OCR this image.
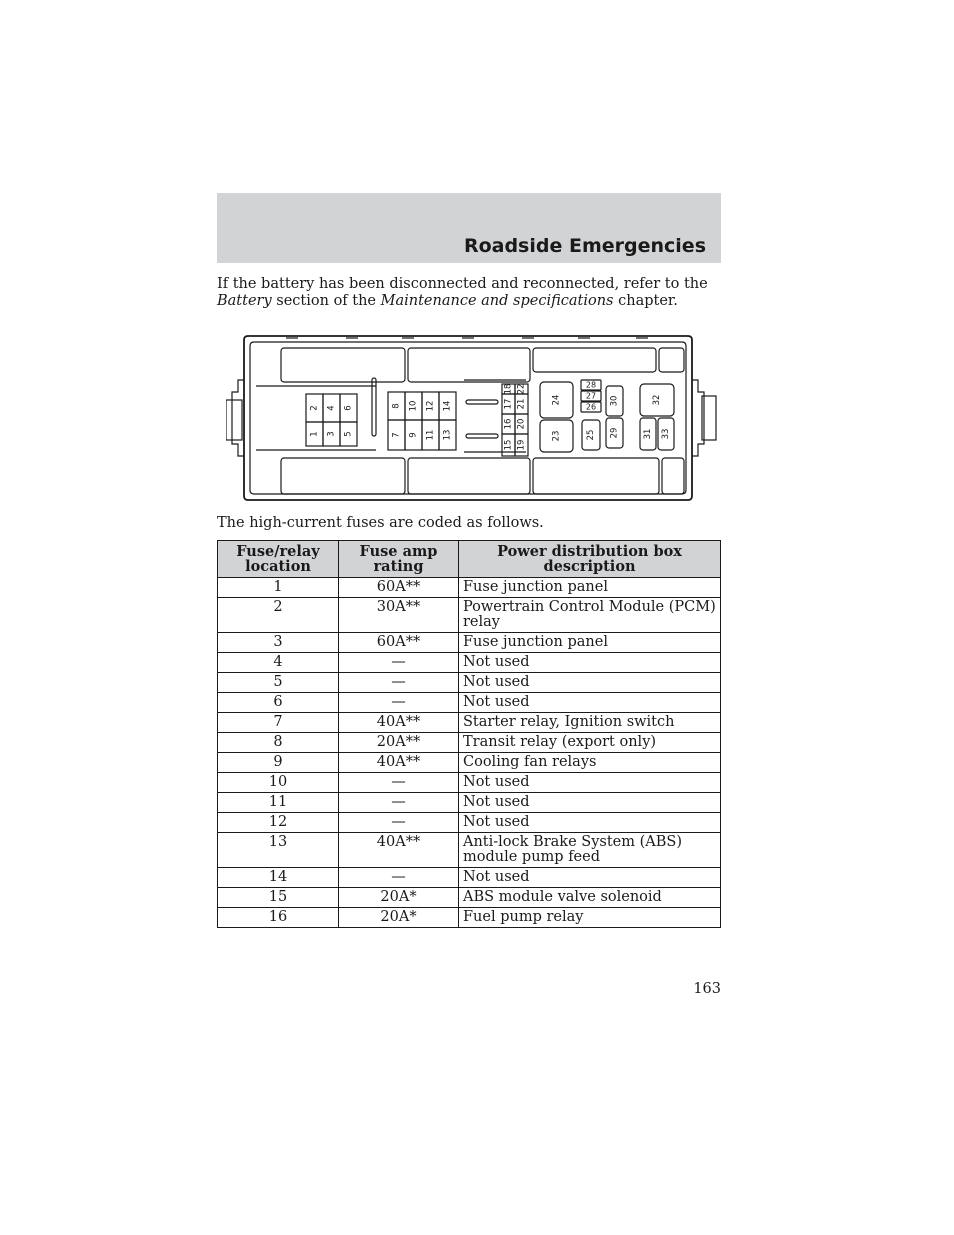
Roadside Emergencies

If the battery has been disconnected and reconnected, refer to the
Battery section of the Maintenance and specifications chapter.

1
2
3
4
5
6
7
8
9
10
11
12
13
14
15
16
17
18
19
20
21
22
23
24
25
26
27
28
29
30
31
32
33

The high-current fuses are coded as follows.

Fuse/relay location	Fuse amp rating	Power distribution box description
1	60A**	Fuse junction panel
2	30A**	Powertrain Control Module (PCM) relay
3	60A**	Fuse junction panel
4	—	Not used
5	—	Not used
6	—	Not used
7	40A**	Starter relay, Ignition switch
8	20A**	Transit relay (export only)
9	40A**	Cooling fan relays
10	—	Not used
11	—	Not used
12	—	Not used
13	40A**	Anti-lock Brake System (ABS) module pump feed
14	—	Not used
15	20A*	ABS module valve solenoid
16	20A*	Fuel pump relay

163
